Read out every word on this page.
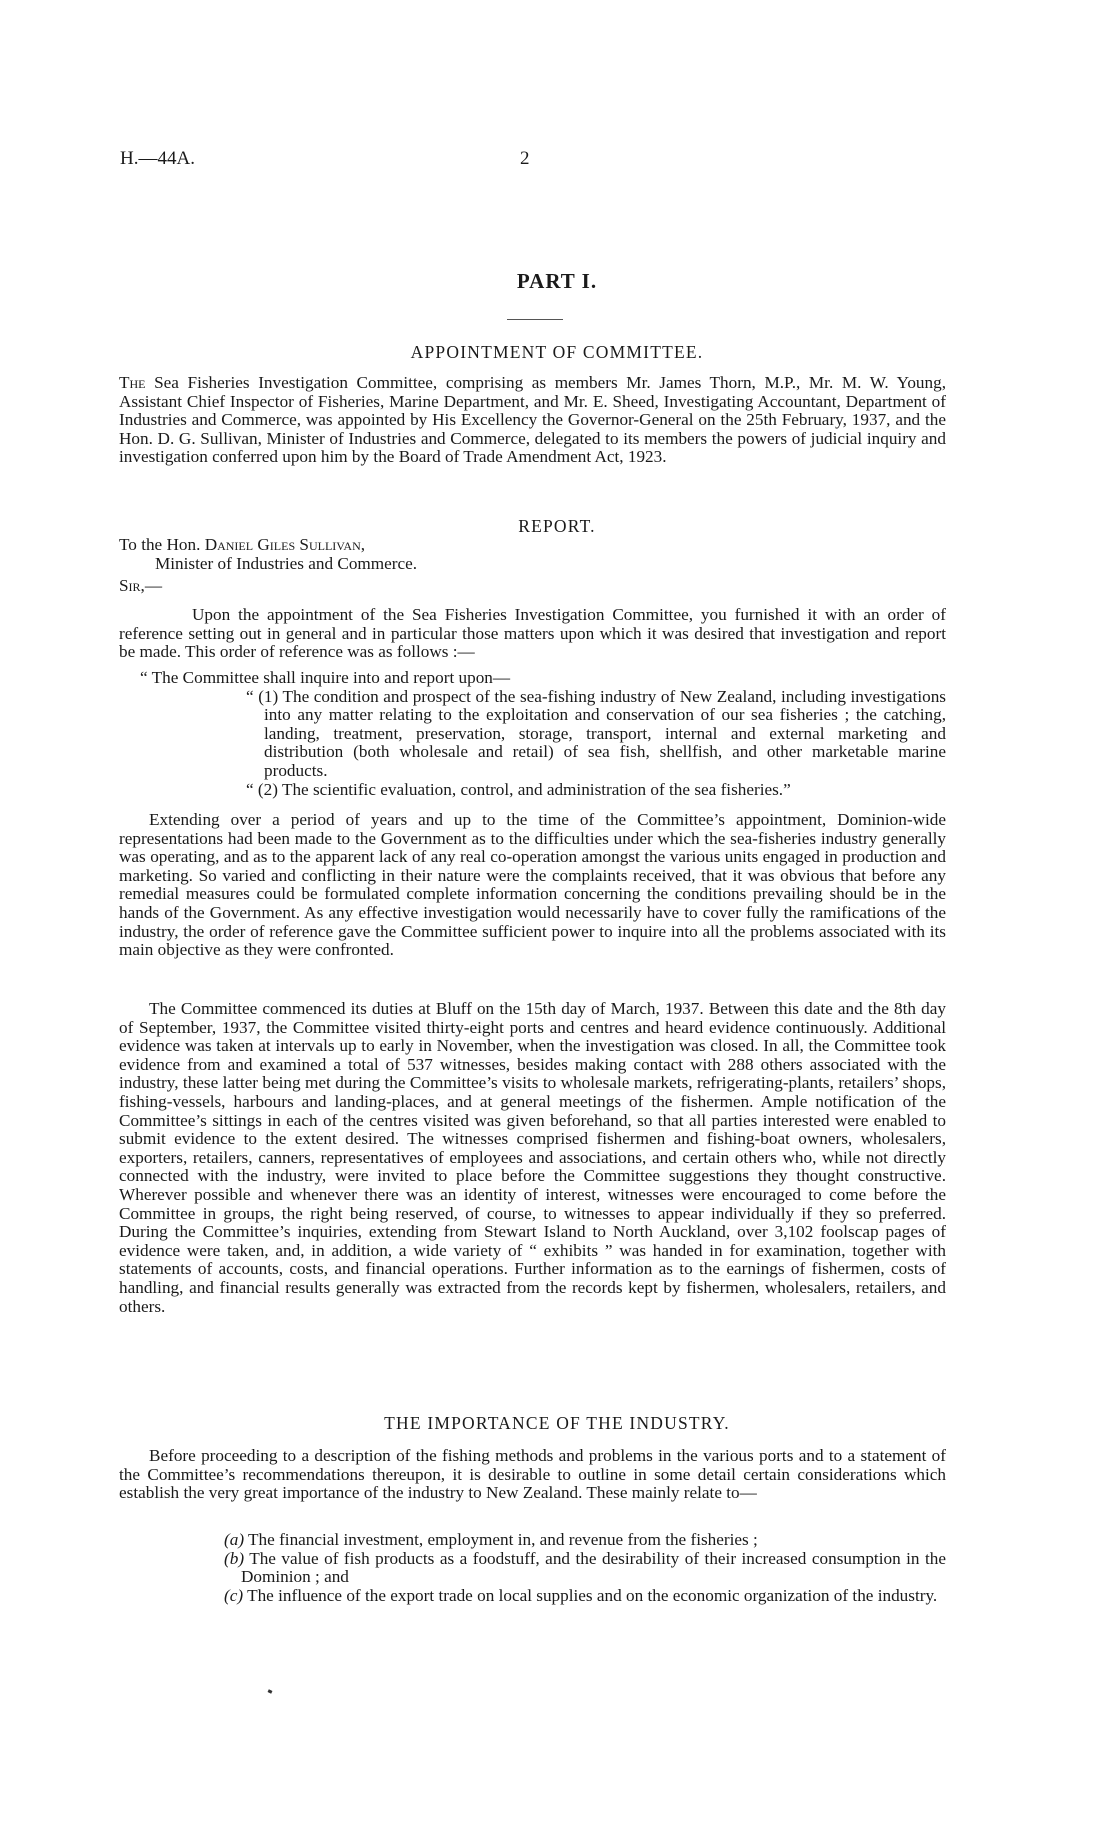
H.—44A.	2
PART I.
APPOINTMENT OF COMMITTEE.

The Sea Fisheries Investigation Committee, comprising as members Mr. James Thorn, M.P., Mr. M. W. Young, Assistant Chief Inspector of Fisheries, Marine Department, and Mr. E. Sheed, Investigating Accountant, Department of Industries and Commerce, was appointed by His Excellency the Governor-General on the 25th February, 1937, and the Hon. D. G. Sullivan, Minister of Industries and Commerce, delegated to its members the powers of judicial inquiry and investigation conferred upon him by the Board of Trade Amendment Act, 1923.

REPORT.

To the Hon. Daniel Giles Sullivan,

Minister of Industries and Commerce.

Sir,—

Upon the appointment of the Sea Fisheries Investigation Committee, you furnished it with an order of reference setting out in general and in particular those matters upon which it was desired that investigation and report be made. This order of reference was as follows :—

“ The Committee shall inquire into and report upon—

“ (1) The condition and prospect of the sea-fishing industry of New Zealand, including investigations into any matter relating to the exploitation and conservation of our sea fisheries ; the catching, landing, treatment, preservation, storage, transport, internal and external marketing and distribution (both wholesale and retail) of sea fish, shellfish, and other marketable marine products.

“ (2) The scientific evaluation, control, and administration of the sea fisheries.”

Extending over a period of years and up to the time of the Committee’s appointment, Dominion-wide representations had been made to the Government as to the difficulties under which the sea-fisheries industry generally was operating, and as to the apparent lack of any real co-operation amongst the various units engaged in production and marketing. So varied and conflicting in their nature were the complaints received, that it was obvious that before any remedial measures could be formulated complete information concerning the conditions prevailing should be in the hands of the Government. As any effective investigation would necessarily have to cover fully the ramifications of the industry, the order of reference gave the Committee sufficient power to inquire into all the problems associated with its main objective as they were confronted.

The Committee commenced its duties at Bluff on the 15th day of March, 1937. Between this date and the 8th day of September, 1937, the Committee visited thirty-eight ports and centres and heard evidence continuously. Additional evidence was taken at intervals up to early in November, when the investigation was closed. In all, the Committee took evidence from and examined a total of 537 witnesses, besides making contact with 288 others associated with the industry, these latter being met during the Committee’s visits to wholesale markets, refrigerating-plants, retailers’ shops, fishing-vessels, harbours and landing-places, and at general meetings of the fishermen. Ample notification of the Committee’s sittings in each of the centres visited was given beforehand, so that all parties interested were enabled to submit evidence to the extent desired. The witnesses comprised fishermen and fishing-boat owners, wholesalers, exporters, retailers, canners, representatives of employees and associations, and certain others who, while not directly connected with the industry, were invited to place before the Committee suggestions they thought constructive. Wherever possible and whenever there was an identity of interest, witnesses were encouraged to come before the Committee in groups, the right being reserved, of course, to witnesses to appear individually if they so preferred. During the Committee’s inquiries, extending from Stewart Island to North Auckland, over 3,102 foolscap pages of evidence were taken, and, in addition, a wide variety of “ exhibits ” was handed in for examination, together with statements of accounts, costs, and financial operations. Further information as to the earnings of fishermen, costs of handling, and financial results generally was extracted from the records kept by fishermen, wholesalers, retailers, and others.

THE IMPORTANCE OF THE INDUSTRY.

Before proceeding to a description of the fishing methods and problems in the various ports and to a statement of the Committee’s recommendations thereupon, it is desirable to outline in some detail certain considerations which establish the very great importance of the industry to New Zealand. These mainly relate to—

(a) The financial investment, employment in, and revenue from the fisheries ;

(b) The value of fish products as a foodstuff, and the desirability of their increased consumption in the Dominion ; and

(c) The influence of the export trade on local supplies and on the economic organization of the industry.
